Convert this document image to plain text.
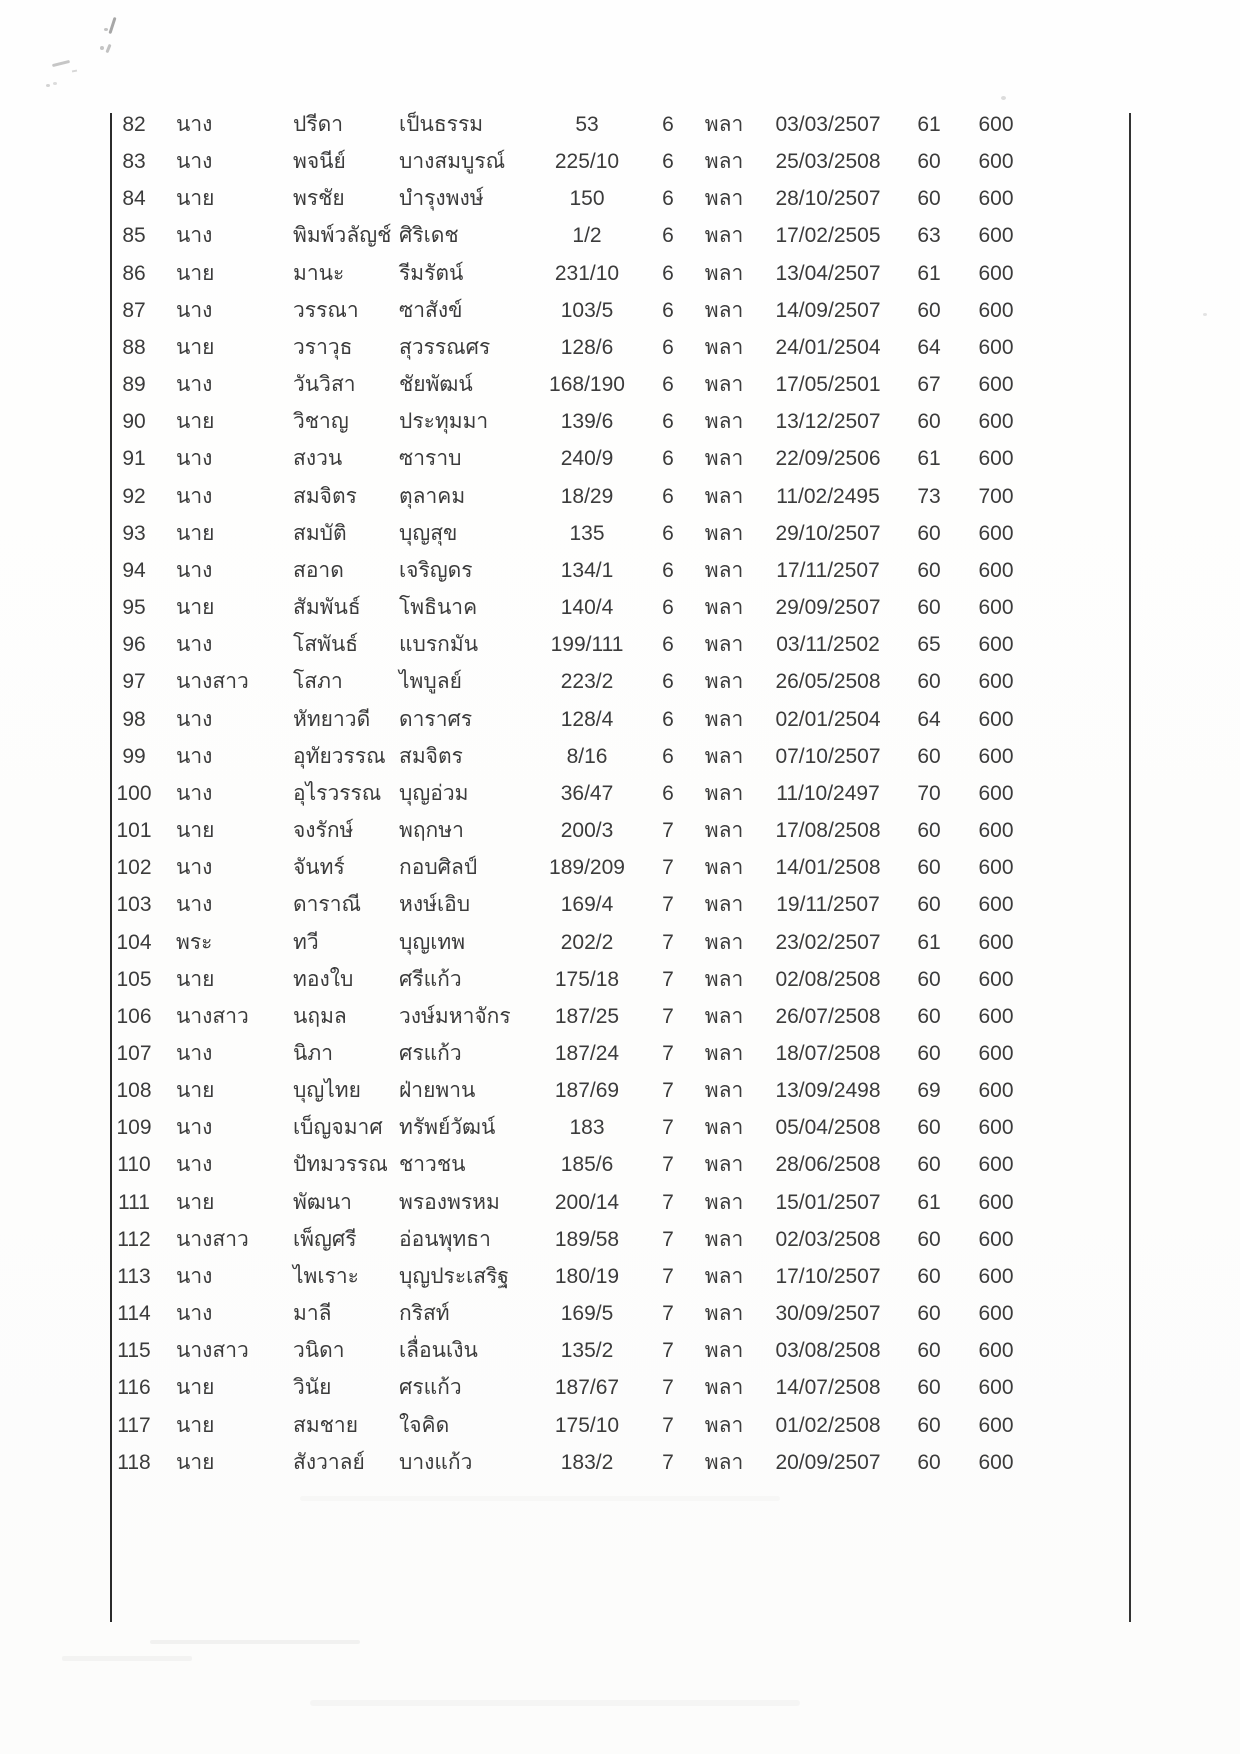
82	นาง	ปรีดา	เป็นธรรม	53	6	พลา	03/03/2507	61	600
83	นาง	พจนีย์	บางสมบูรณ์	225/10	6	พลา	25/03/2508	60	600
84	นาย	พรชัย	บำรุงพงษ์	150	6	พลา	28/10/2507	60	600
85	นาง	พิมพ์วลัญช์ ศิริเดช	1/2	6	พลา	17/02/2505	63	600
86	นาย	มานะ	รีมรัตน์	231/10	6	พลา	13/04/2507	61	600
87	นาง	วรรณา	ซาสังข์	103/5	6	พลา	14/09/2507	60	600
88	นาย	วราวุธ	สุวรรณศร	128/6	6	พลา	24/01/2504	64	600
89	นาง	วันวิสา	ชัยพัฒน์	168/190	6	พลา	17/05/2501	67	600
90	นาย	วิชาญ	ประทุมมา	139/6	6	พลา	13/12/2507	60	600
91	นาง	สงวน	ซาราบ	240/9	6	พลา	22/09/2506	61	600
92	นาง	สมจิตร	ตุลาคม	18/29	6	พลา	11/02/2495	73	700
93	นาย	สมบัติ	บุญสุข	135	6	พลา	29/10/2507	60	600
94	นาง	สอาด	เจริญดร	134/1	6	พลา	17/11/2507	60	600
95	นาย	สัมพันธ์	โพธินาค	140/4	6	พลา	29/09/2507	60	600
96	นาง	โสพันธ์	แบรกมัน	199/111	6	พลา	03/11/2502	65	600
97	นางสาว	โสภา	ไพบูลย์	223/2	6	พลา	26/05/2508	60	600
98	นาง	หัทยาวดี	ดาราศร	128/4	6	พลา	02/01/2504	64	600
99	นาง	อุทัยวรรณ สมจิตร	8/16	6	พลา	07/10/2507	60	600
100	นาง	อุไรวรรณ บุญอ่วม	36/47	6	พลา	11/10/2497	70	600
101	นาย	จงรักษ์	พฤกษา	200/3	7	พลา	17/08/2508	60	600
102	นาง	จันทร์	กอบศิลป์	189/209	7	พลา	14/01/2508	60	600
103	นาง	ดาราณี	หงษ์เอิบ	169/4	7	พลา	19/11/2507	60	600
104	พระ	ทวี	บุญเทพ	202/2	7	พลา	23/02/2507	61	600
105	นาย	ทองใบ	ศรีแก้ว	175/18	7	พลา	02/08/2508	60	600
106	นางสาว	นฤมล	วงษ์มหาจักร	187/25	7	พลา	26/07/2508	60	600
107	นาง	นิภา	ศรแก้ว	187/24	7	พลา	18/07/2508	60	600
108	นาย	บุญไทย	ฝ่ายพาน	187/69	7	พลา	13/09/2498	69	600
109	นาง	เบ็ญจมาศ ทรัพย์วัฒน์	183	7	พลา	05/04/2508	60	600
110	นาง	ปัทมวรรณ ชาวชน	185/6	7	พลา	28/06/2508	60	600
111	นาย	พัฒนา	พรองพรหม	200/14	7	พลา	15/01/2507	61	600
112	นางสาว	เพ็ญศรี	อ่อนพุทธา	189/58	7	พลา	02/03/2508	60	600
113	นาง	ไพเราะ	บุญประเสริฐ	180/19	7	พลา	17/10/2507	60	600
114	นาง	มาลี	กริสท์	169/5	7	พลา	30/09/2507	60	600
115	นางสาว	วนิดา	เลื่อนเงิน	135/2	7	พลา	03/08/2508	60	600
116	นาย	วินัย	ศรแก้ว	187/67	7	พลา	14/07/2508	60	600
117	นาย	สมชาย	ใจคิด	175/10	7	พลา	01/02/2508	60	600
118	นาย	สังวาลย์	บางแก้ว	183/2	7	พลา	20/09/2507	60	600
